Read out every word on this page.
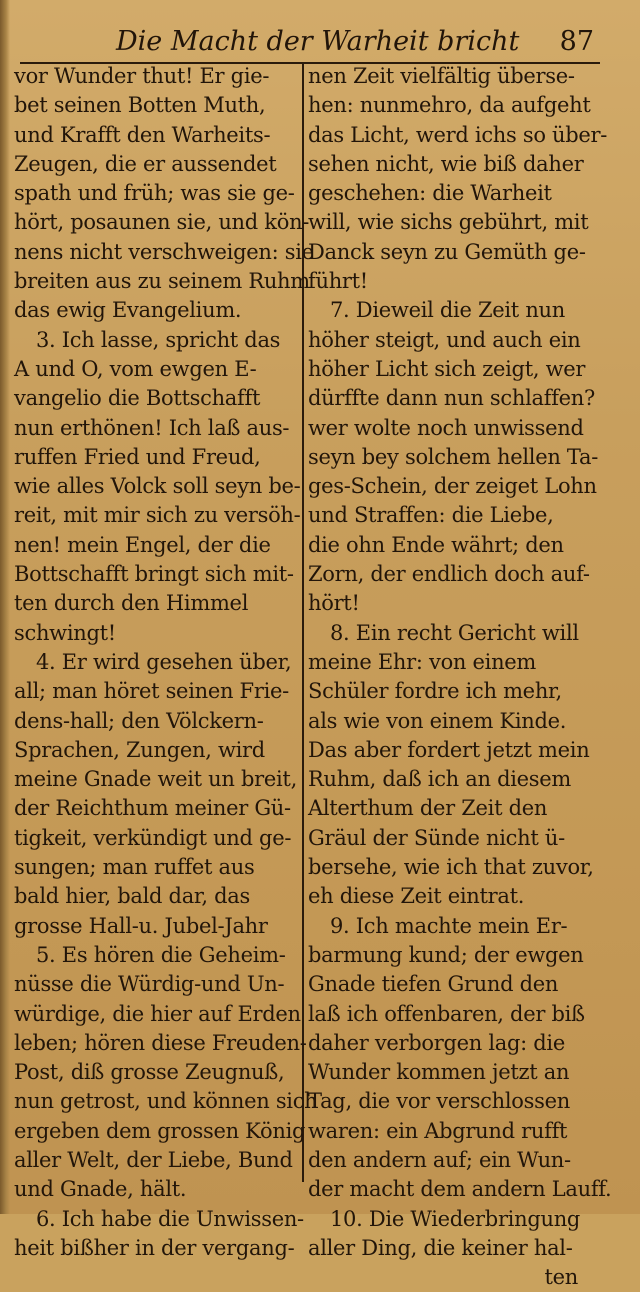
Die Macht der Warheit bricht 87
vor Wunder thut! Er gie-
bet seinen Botten Muth,
und Krafft den Warheits-
Zeugen, die er aussendet
spath und früh; was sie ge-
hört, posaunen sie, und kön-
nens nicht verschweigen: sie
breiten aus zu seinem Ruhm
das ewig Evangelium.
3. Ich lasse, spricht das
A und O, vom ewgen E-
vangelio die Bottschafft
nun erthönen! Ich laß aus-
ruffen Fried und Freud,
wie alles Volck soll seyn be-
reit, mit mir sich zu versöh-
nen! mein Engel, der die
Bottschafft bringt sich mit-
ten durch den Himmel
schwingt!
4. Er wird gesehen über,
all; man höret seinen Frie-
dens-hall; den Völckern-
Sprachen, Zungen, wird
meine Gnade weit un breit,
der Reichthum meiner Gü-
tigkeit, verkündigt und ge-
sungen; man ruffet aus
bald hier, bald dar, das
grosse Hall-u. Jubel-Jahr
5. Es hören die Geheim-
nüsse die Würdig-und Un-
würdige, die hier auf Erden
leben; hören diese Freuden-
Post, diß grosse Zeugnuß,
nun getrost, und können sich
ergeben dem grossen König
aller Welt, der Liebe, Bund
und Gnade, hält.
6. Ich habe die Unwissen-
heit bißher in der vergang-
nen Zeit vielfältig überse-
hen: nunmehro, da aufgeht
das Licht, werd ichs so über-
sehen nicht, wie biß daher
geschehen: die Warheit
will, wie sichs gebührt, mit
Danck seyn zu Gemüth ge-
führt!
7. Dieweil die Zeit nun
höher steigt, und auch ein
höher Licht sich zeigt, wer
dürffte dann nun schlaffen?
wer wolte noch unwissend
seyn bey solchem hellen Ta-
ges-Schein, der zeiget Lohn
und Straffen: die Liebe,
die ohn Ende währt; den
Zorn, der endlich doch auf-
hört!
8. Ein recht Gericht will
meine Ehr: von einem
Schüler fordre ich mehr,
als wie von einem Kinde.
Das aber fordert jetzt mein
Ruhm, daß ich an diesem
Alterthum der Zeit den
Gräul der Sünde nicht ü-
bersehe, wie ich that zuvor,
eh diese Zeit eintrat.
9. Ich machte mein Er-
barmung kund; der ewgen
Gnade tiefen Grund den
laß ich offenbaren, der biß
daher verborgen lag: die
Wunder kommen jetzt an
Tag, die vor verschlossen
waren: ein Abgrund rufft
den andern auf; ein Wun-
der macht dem andern Lauff.
10. Die Wiederbringung
aller Ding, die keiner hal-
ten
